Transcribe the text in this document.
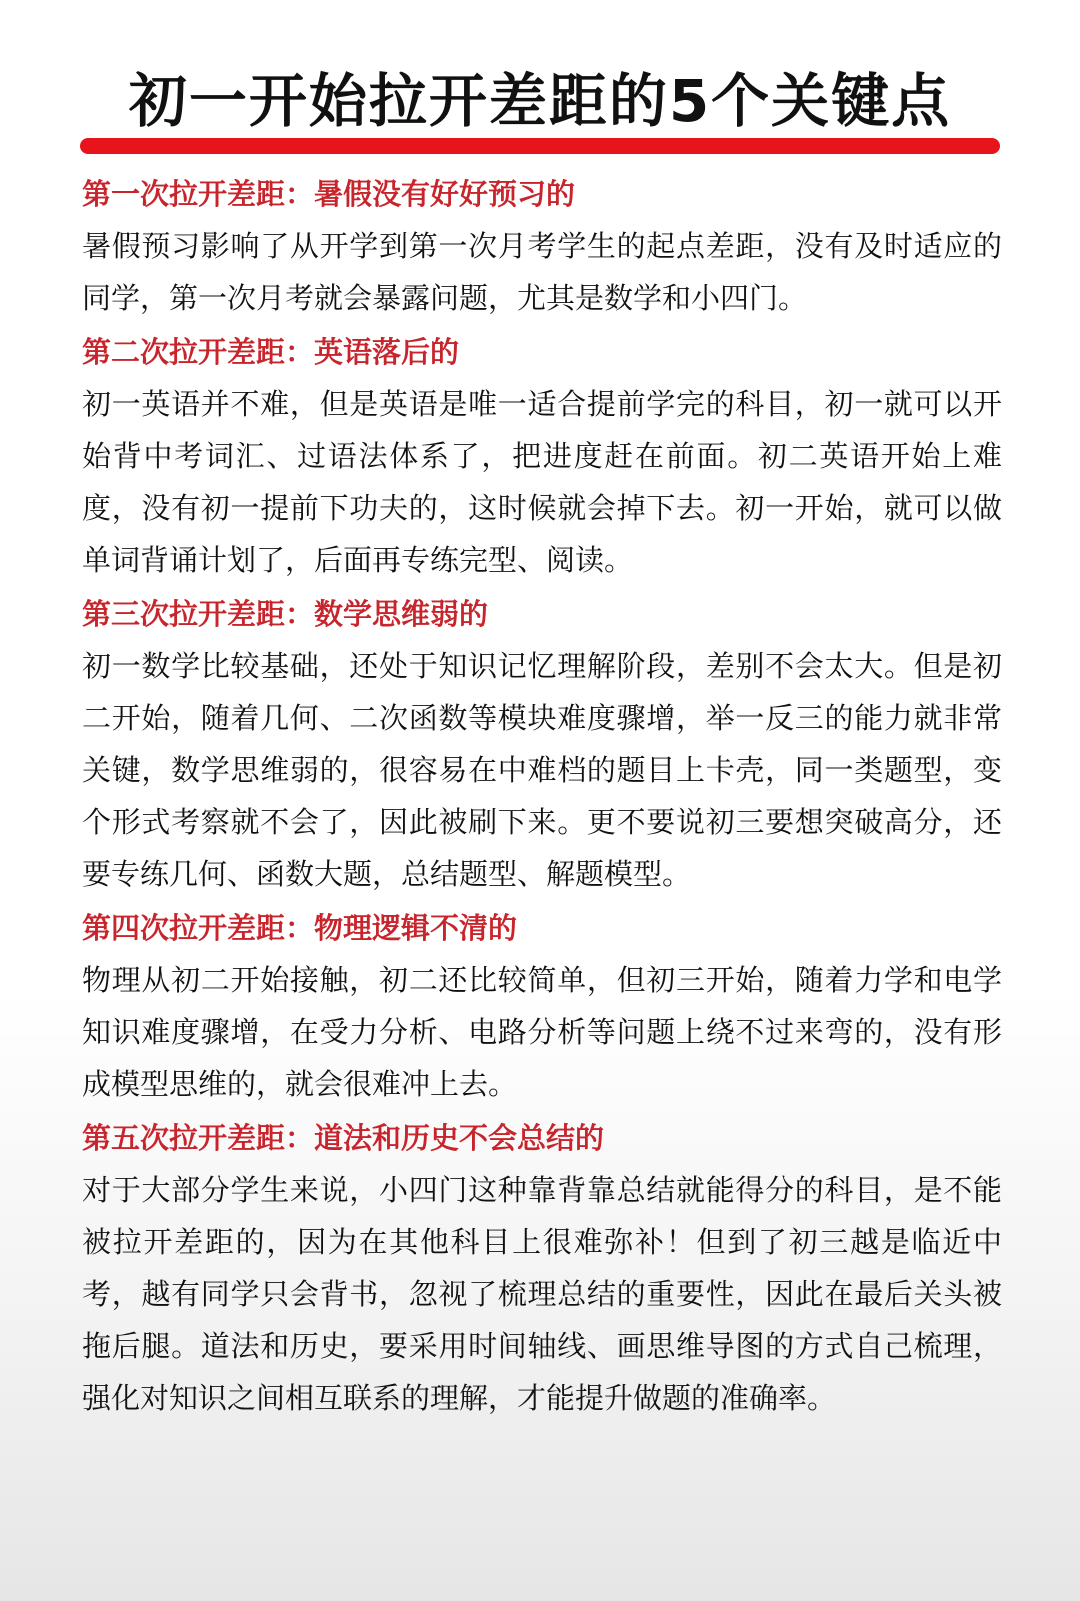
初一开始拉开差距的5个关键点

第一次拉开差距：暑假没有好好预习的

暑假预习影响了从开学到第一次月考学生的起点差距，没有及时适应的同学，第一次月考就会暴露问题，尤其是数学和小四门。

第二次拉开差距：英语落后的

初一英语并不难，但是英语是唯一适合提前学完的科目，初一就可以开始背中考词汇、过语法体系了，把进度赶在前面。初二英语开始上难度，没有初一提前下功夫的，这时候就会掉下去。初一开始，就可以做单词背诵计划了，后面再专练完型、阅读。

第三次拉开差距：数学思维弱的

初一数学比较基础，还处于知识记忆理解阶段，差别不会太大。但是初二开始，随着几何、二次函数等模块难度骤增，举一反三的能力就非常关键，数学思维弱的，很容易在中难档的题目上卡壳，同一类题型，变个形式考察就不会了，因此被刷下来。更不要说初三要想突破高分，还要专练几何、函数大题，总结题型、解题模型。

第四次拉开差距：物理逻辑不清的

物理从初二开始接触，初二还比较简单，但初三开始，随着力学和电学知识难度骤增，在受力分析、电路分析等问题上绕不过来弯的，没有形成模型思维的，就会很难冲上去。

第五次拉开差距：道法和历史不会总结的

对于大部分学生来说，小四门这种靠背靠总结就能得分的科目，是不能被拉开差距的，因为在其他科目上很难弥补！但到了初三越是临近中考，越有同学只会背书，忽视了梳理总结的重要性，因此在最后关头被拖后腿。道法和历史，要采用时间轴线、画思维导图的方式自己梳理，强化对知识之间相互联系的理解，才能提升做题的准确率。
